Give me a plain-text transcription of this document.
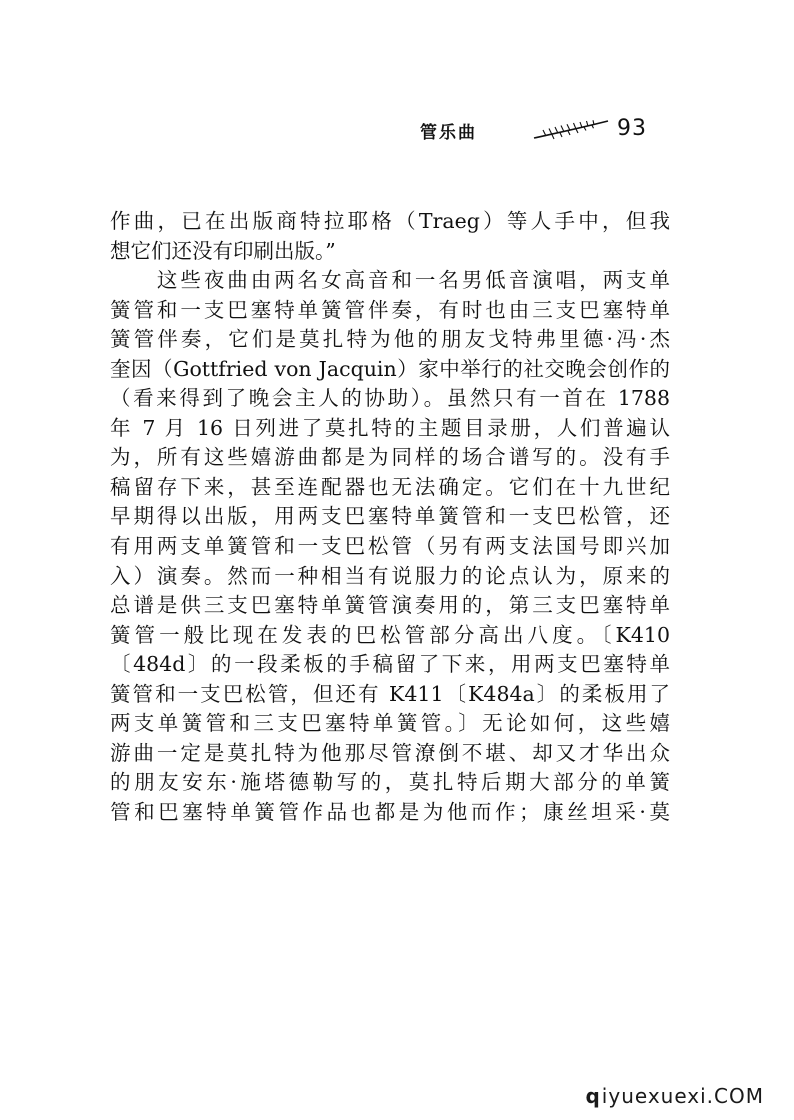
管乐曲	93
作曲，已在出版商特拉耶格（Traeg）等人手中，但我
想它们还没有印刷出版。”
　　这些夜曲由两名女高音和一名男低音演唱，两支单
簧管和一支巴塞特单簧管伴奏，有时也由三支巴塞特单
簧管伴奏，它们是莫扎特为他的朋友戈特弗里德·冯·杰
奎因（Gottfried von Jacquin）家中举行的社交晚会创作的
（看来得到了晚会主人的协助）。虽然只有一首在 1788
年 7 月 16 日列进了莫扎特的主题目录册，人们普遍认
为，所有这些嬉游曲都是为同样的场合谱写的。没有手
稿留存下来，甚至连配器也无法确定。它们在十九世纪
早期得以出版，用两支巴塞特单簧管和一支巴松管，还
有用两支单簧管和一支巴松管（另有两支法国号即兴加
入）演奏。然而一种相当有说服力的论点认为，原来的
总谱是供三支巴塞特单簧管演奏用的，第三支巴塞特单
簧管一般比现在发表的巴松管部分高出八度。〔K410
〔484d〕的一段柔板的手稿留了下来，用两支巴塞特单
簧管和一支巴松管，但还有 K411〔K484a〕的柔板用了
两支单簧管和三支巴塞特单簧管。〕无论如何，这些嬉
游曲一定是莫扎特为他那尽管潦倒不堪、却又才华出众
的朋友安东·施塔德勒写的，莫扎特后期大部分的单簧
管和巴塞特单簧管作品也都是为他而作；康丝坦采·莫
qiyuexuexi.COM
